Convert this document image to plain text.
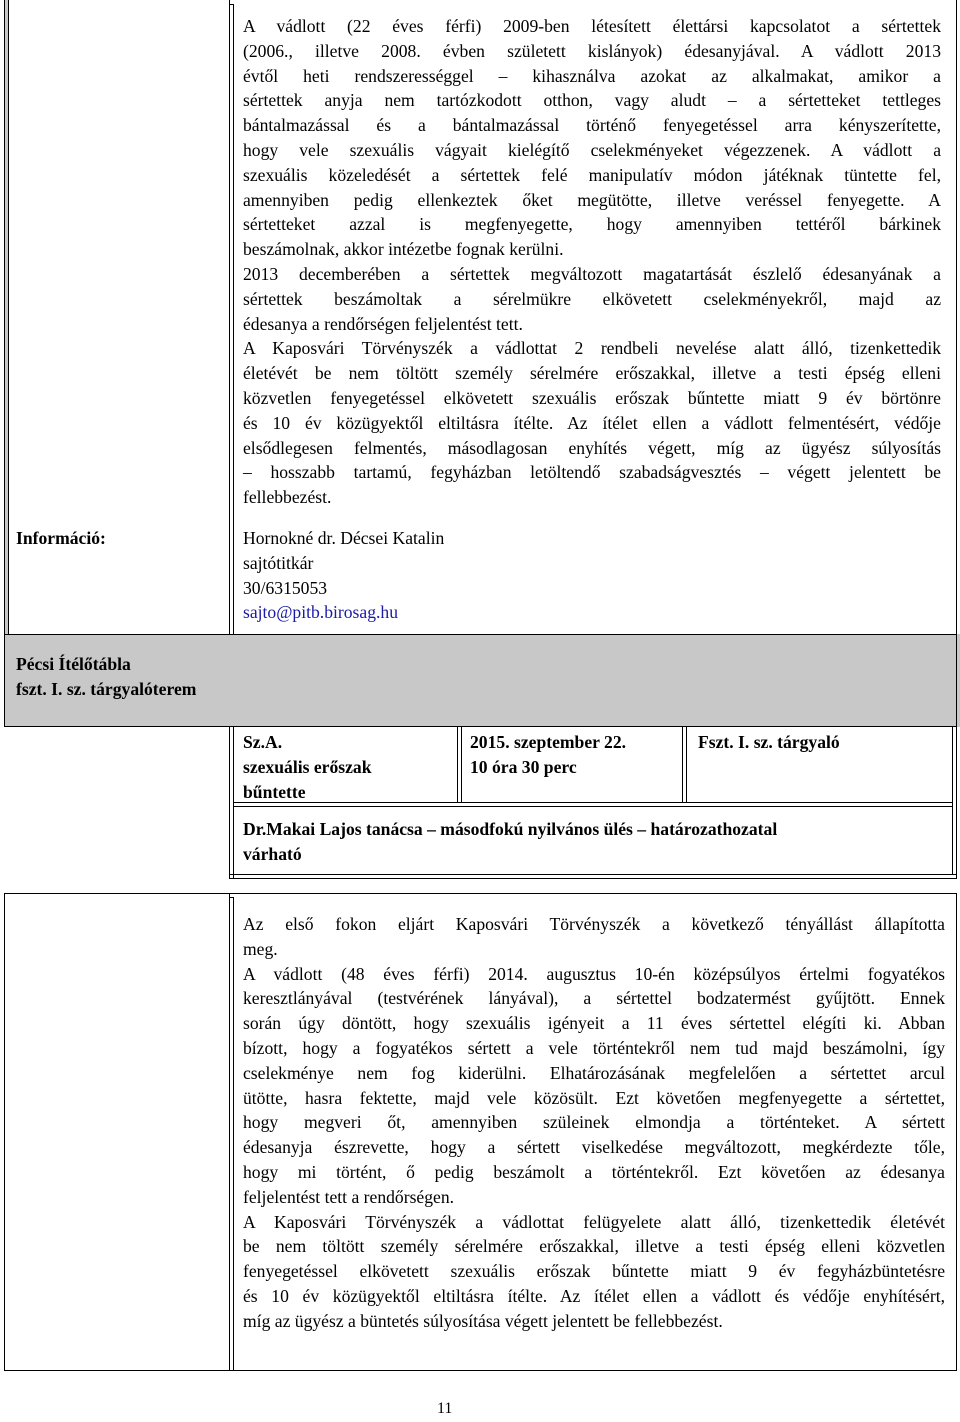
A vádlott (22 éves férfi) 2009-ben létesített élettársi kapcsolatot a sértettek
(2006., illetve 2008. évben született kislányok) édesanyjával. A vádlott 2013
évtől heti rendszerességgel – kihasználva azokat az alkalmakat, amikor a
sértettek anyja nem tartózkodott otthon, vagy aludt – a sértetteket tettleges
bántalmazással és a bántalmazással történő fenyegetéssel arra kényszerítette,
hogy vele szexuális vágyait kielégítő cselekményeket végezzenek. A vádlott a
szexuális közeledését a sértettek felé manipulatív módon játéknak tüntette fel,
amennyiben pedig ellenkeztek őket megütötte, illetve veréssel fenyegette. A
sértetteket azzal is megfenyegette, hogy amennyiben tettéről bárkinek
beszámolnak, akkor intézetbe fognak kerülni.
2013 decemberében a sértettek megváltozott magatartását észlelő édesanyának a
sértettek beszámoltak a sérelmükre elkövetett cselekményekről, majd az
édesanya a rendőrségen feljelentést tett.
A Kaposvári Törvényszék a vádlottat 2 rendbeli nevelése alatt álló, tizenkettedik
életévét be nem töltött személy sérelmére erőszakkal, illetve a testi épség elleni
közvetlen fenyegetéssel elkövetett szexuális erőszak bűntette miatt 9 év börtönre
és 10 év közügyektől eltiltásra ítélte. Az ítélet ellen a vádlott felmentésért, védője
elsődlegesen felmentés, másodlagosan enyhítés végett, míg az ügyész súlyosítás
– hosszabb tartamú, fegyházban letöltendő szabadságvesztés – végett jelentett be
fellebbezést.
Információ:	Hornokné dr. Décsei Katalin
sajtótitkár
30/6315053
sajto@pitb.birosag.hu
Pécsi Ítélőtábla
fszt. I. sz. tárgyalóterem
Sz.A.
szexuális erőszak
bűntette
2015. szeptember 22.
10 óra 30 perc
Fszt. I. sz. tárgyaló
Dr.Makai Lajos tanácsa – másodfokú nyilvános ülés – határozathozatal
várható
Az első fokon eljárt Kaposvári Törvényszék a következő tényállást állapította
meg.
A vádlott (48 éves férfi) 2014. augusztus 10-én középsúlyos értelmi fogyatékos
keresztlányával (testvérének lányával), a sértettel bodzatermést gyűjtött. Ennek
során úgy döntött, hogy szexuális igényeit a 11 éves sértettel elégíti ki. Abban
bízott, hogy a fogyatékos sértett a vele történtekről nem tud majd beszámolni, így
cselekménye nem fog kiderülni. Elhatározásának megfelelően a sértettet arcul
ütötte, hasra fektette, majd vele közösült. Ezt követően megfenyegette a sértettet,
hogy megveri őt, amennyiben szüleinek elmondja a történteket. A sértett
édesanyja észrevette, hogy a sértett viselkedése megváltozott, megkérdezte tőle,
hogy mi történt, ő pedig beszámolt a történtekről. Ezt követően az édesanya
feljelentést tett a rendőrségen.
A Kaposvári Törvényszék a vádlottat felügyelete alatt álló, tizenkettedik életévét
be nem töltött személy sérelmére erőszakkal, illetve a testi épség elleni közvetlen
fenyegetéssel elkövetett szexuális erőszak bűntette miatt 9 év fegyházbüntetésre
és 10 év közügyektől eltiltásra ítélte. Az ítélet ellen a vádlott és védője enyhítésért,
míg az ügyész a büntetés súlyosítása végett jelentett be fellebbezést.
11
